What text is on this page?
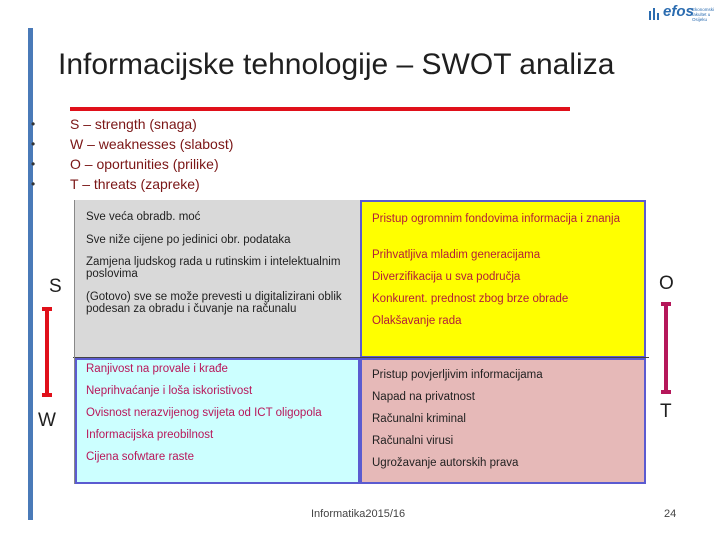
efos
Ekonomski fakultet u Osijeku
Informacijske tehnologije – SWOT analiza
• S – strength (snaga)
• W – weaknesses (slabost)
• O – oportunities (prilike)
• T – threats (zapreke)
Sve veća obradb. moć
Sve niže cijene po jedinici obr. podataka
Zamjena ljudskog rada u rutinskim i intelektualnim poslovima
(Gotovo) sve se može prevesti u digitalizirani oblik podesan za obradu i čuvanje na računalu
Pristup ogromnim fondovima informacija i znanja
Prihvatljiva mladim generacijama
Diverzifikacija u sva područja
Konkurent. prednost zbog brze obrade
Olakšavanje rada
Ranjivost na provale i krađe
Neprihvaćanje i loša iskoristivost
Ovisnost nerazvijenog svijeta od ICT oligopola
Informacijska preobilnost
Cijena sofwtare raste
Pristup povjerljivim informacijama
Napad na privatnost
Računalni kriminal
Računalni virusi
Ugrožavanje autorskih prava
S
W
O
T
Informatika2015/16	24
